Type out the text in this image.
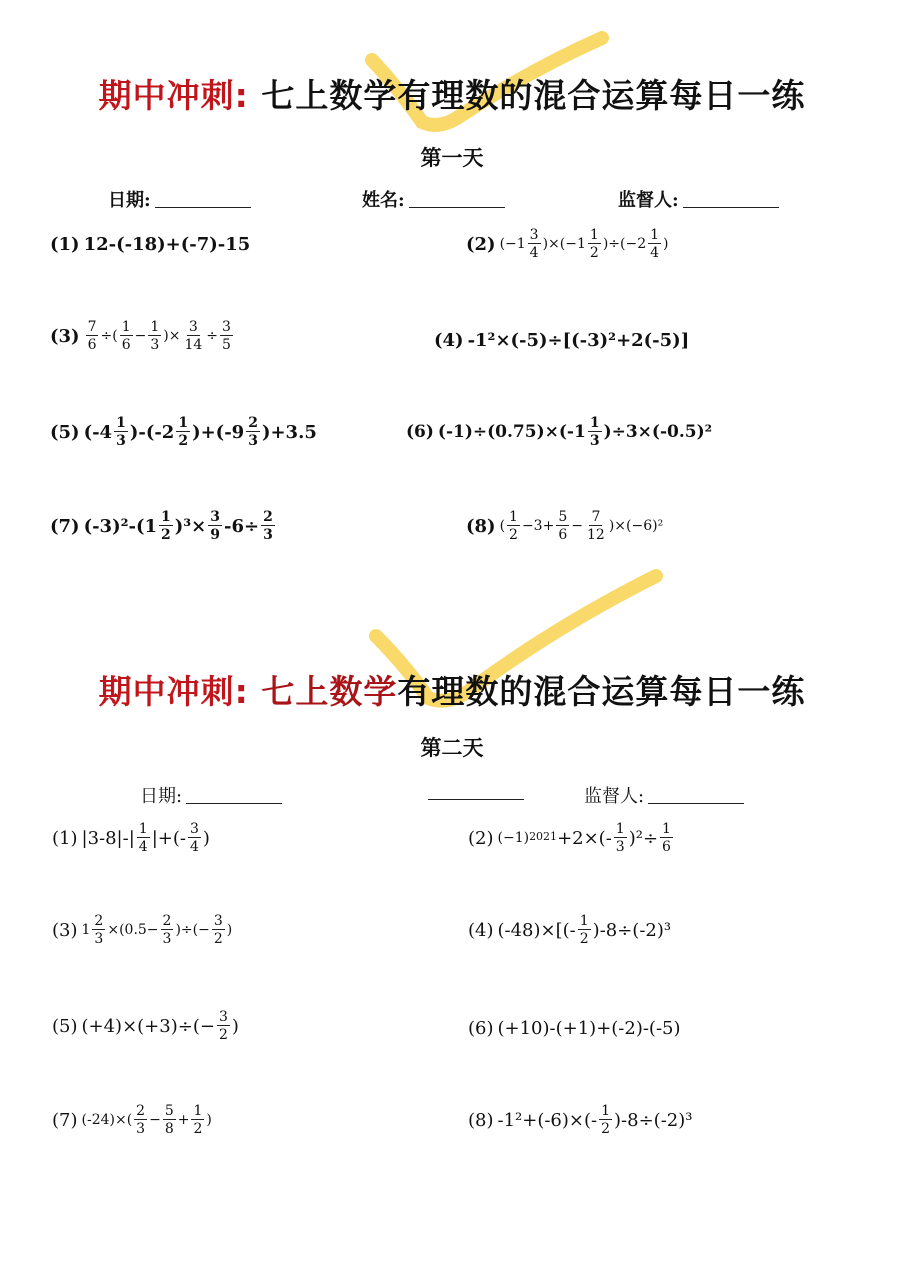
期中冲刺: 七上数学有理数的混合运算每日一练
第一天
日期:	姓名:	监督人:
(1) 12-(-18)+(-7)-15	(2) $(-1 \frac{3}{4} )\times(-1 \frac{1}{2} )\div(-2 \frac{1}{4}$ )
$(3) \frac{7}{6}$ ÷( $\frac{1}{6} - \frac{1}{3}$ )× $\frac{3}{14} \div \frac{3}{5}$	(4) -1²×(-5)÷[(-3)²+2(-5)]
(5) $(-4 \frac{1}{3} )-(-2 \frac{1}{2} )+(-9 \frac{2}{3} )+3.5$	(6) $(-1)\div(0.75)\times(-1 \frac{1}{3} )\div 3\times(-0.5)^2$
(7) $(-3)^2-(1 \frac{1}{2} )^3\times \frac{3}{9} -6\div \frac{2}{3}$	(8) ( $\frac{1}{2} -3+ \frac{5}{6} - \frac{7}{12} )\times(-6)^2$
期中冲刺: 七上数学有理数的混合运算每日一练
第二天
日期:	监督人:
(1) $|3-8|-| \frac{1}{4}$ |+(- $\frac{3}{4}$ )	(2) (−1) $2021 +2\times(- \frac{1}{3} )^2\div \frac{1}{6}$
(3) $1 \frac{2}{3} \times(0.5- \frac{2}{3}$ )÷(− $\frac{3}{2}$ )	(4) $(-48)\times[(- \frac{1}{2} )-8\div(-2)^3$
(5) $(+4)\times(+3)\div(- \frac{3}{2}$ )	(6) (+10)-(+1)+(-2)-(-5)
(7) $(-24)\times( \frac{2}{3} - \frac{5}{8} + \frac{1}{2}$ )	(8) $-1^2+(-6)\times(- \frac{1}{2} )-8\div(-2)^3$
